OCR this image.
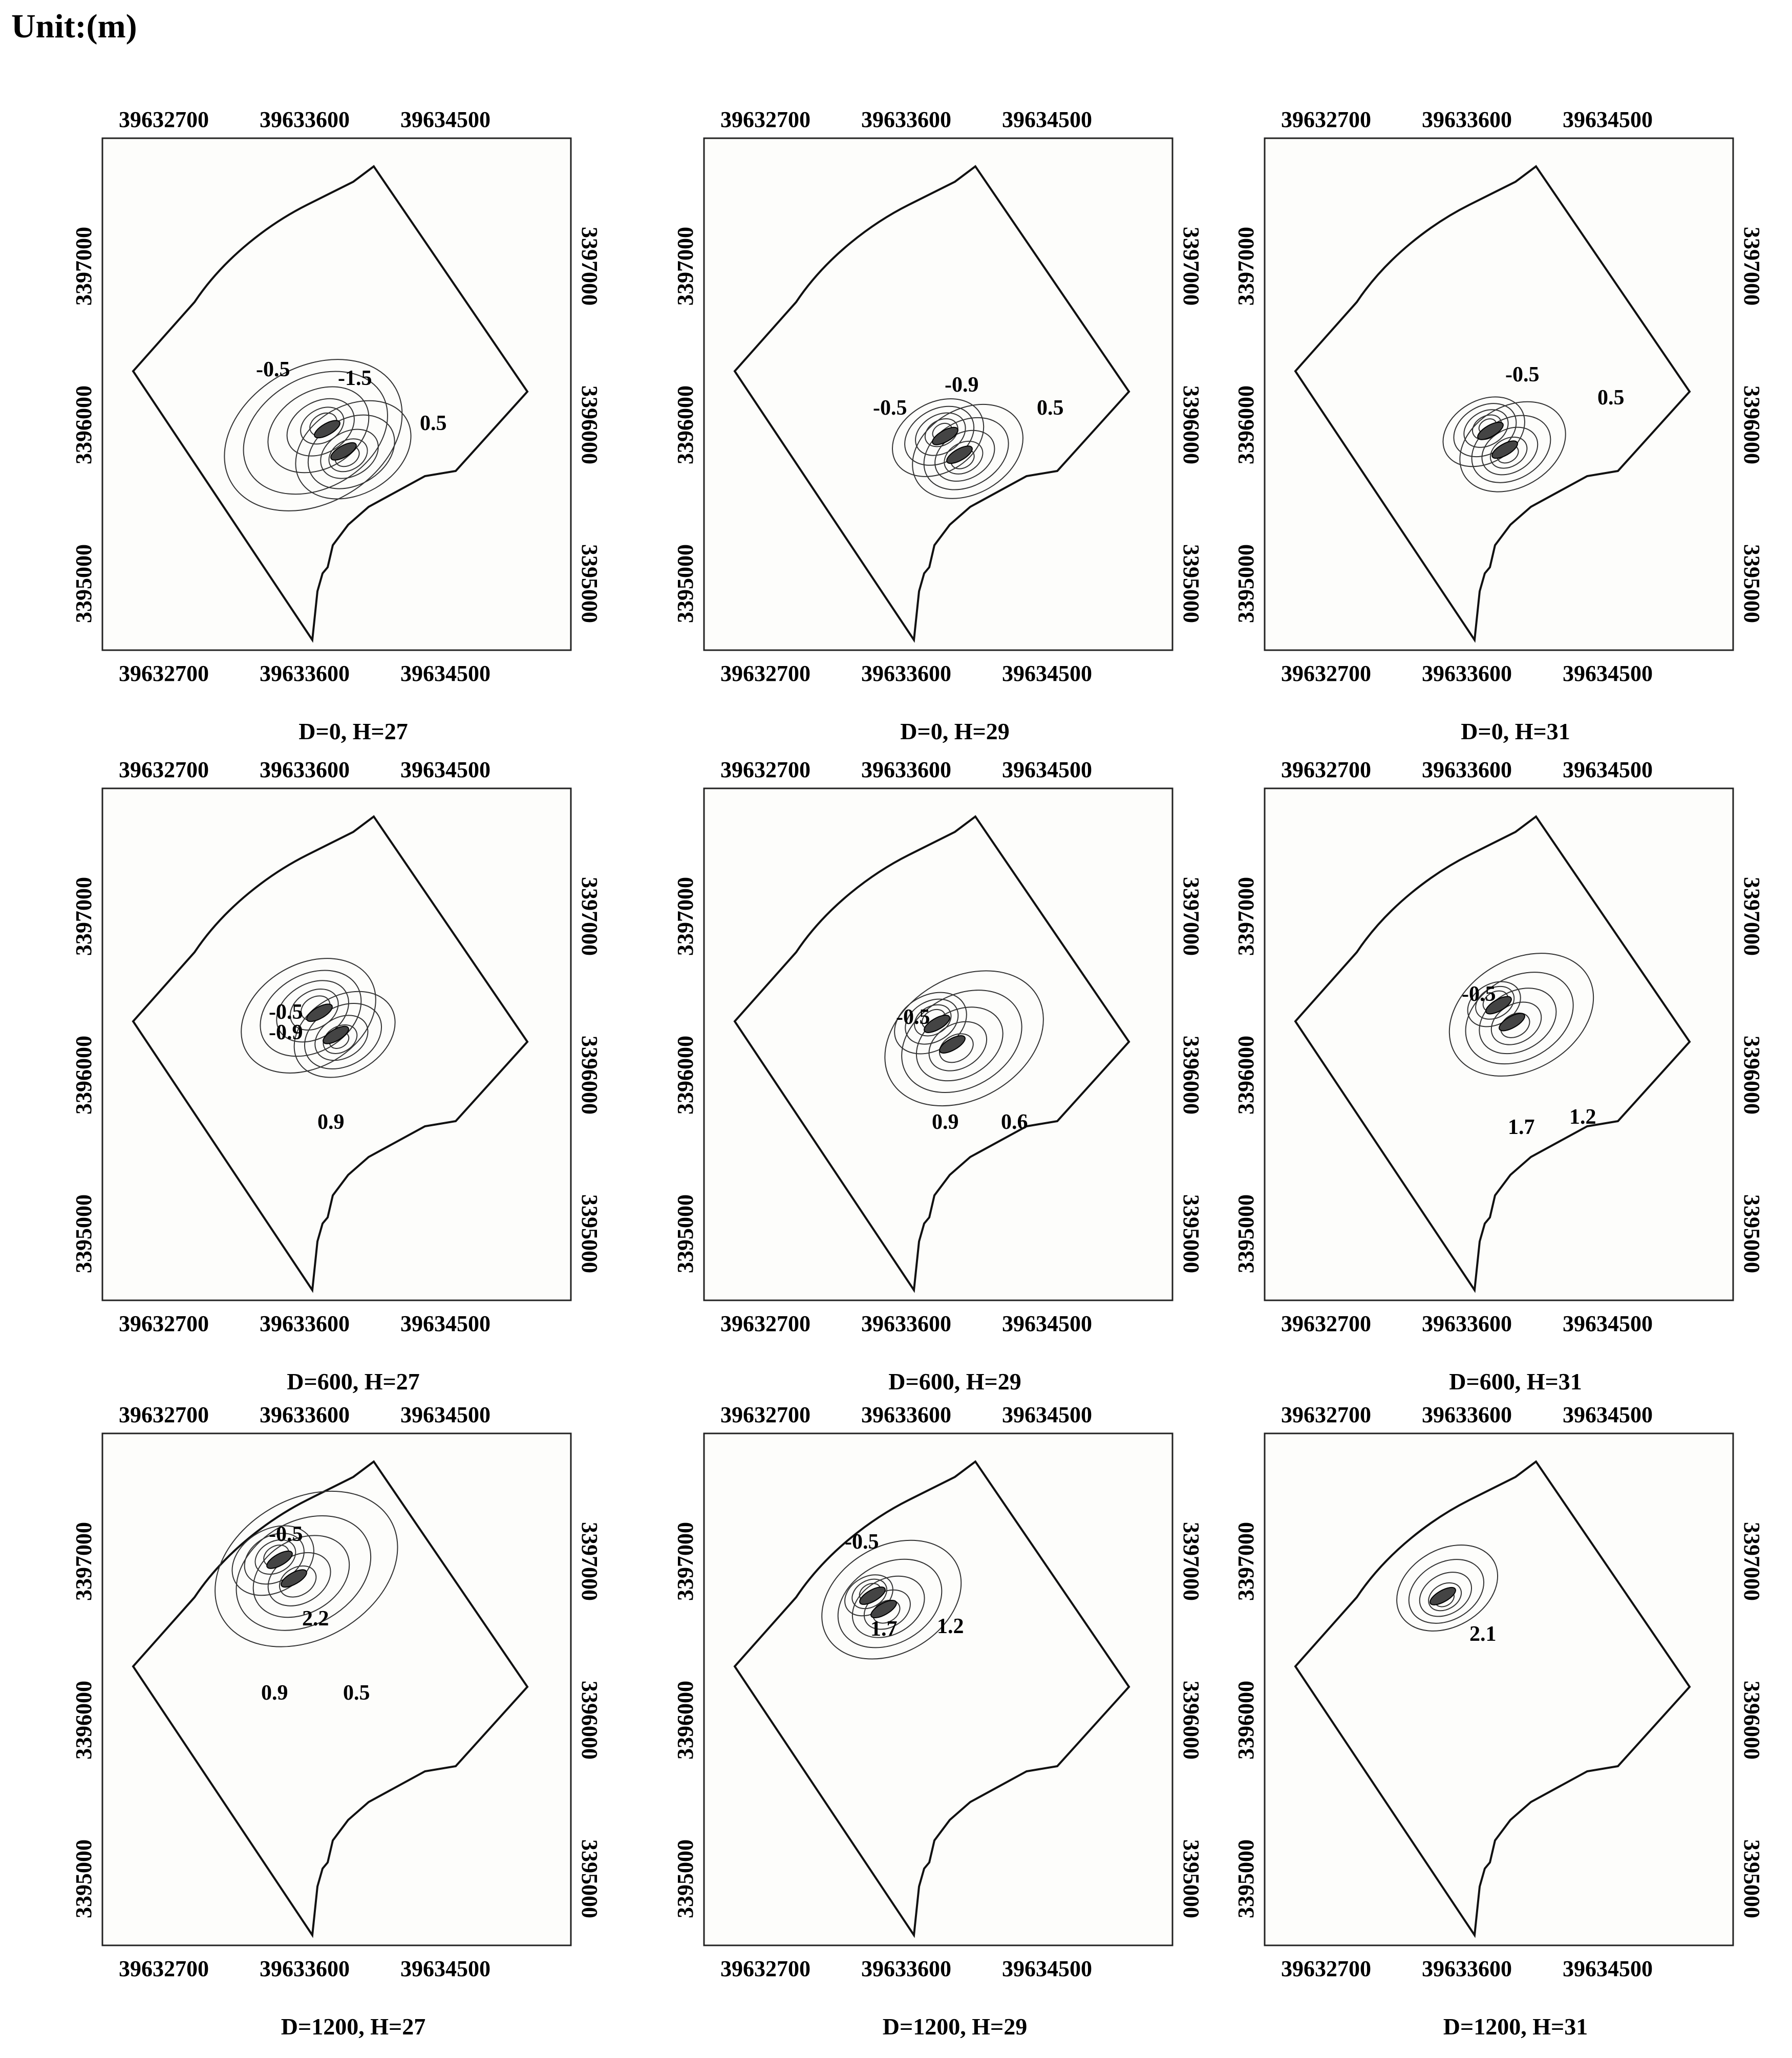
Unit:(m)
-0.5 -1.5
0.5
39632700
39632700
39633600
39633600
39634500
39634500
3397000	3397000
3396000	3396000
3395000	3395000
D=0, H=27
-0.5
-0.9
0.5
39632700
39632700
39633600
39633600
39634500
39634500
3397000	3397000
3396000	3396000
3395000	3395000
D=0, H=29
-0.5
0.5
39632700
39632700
39633600
39633600
39634500
39634500
3397000	3397000
3396000	3396000
3395000	3395000
D=0, H=31
-0.5
-0.9
0.9
39632700
39632700
39633600
39633600
39634500
39634500
3397000	3397000
3396000	3396000
3395000	3395000
D=600, H=27
-0.5
0.9 0.6
39632700
39632700
39633600
39633600
39634500
39634500
3397000	3397000
3396000	3396000
3395000	3395000
D=600, H=29
-0.5
1.7 1.2
39632700
39632700
39633600
39633600
39634500
39634500
3397000	3397000
3396000	3396000
3395000	3395000
D=600, H=31
-0.5
2.2
0.9	0.5
39632700
39632700
39633600
39633600
39634500
39634500
3397000	3397000
3396000	3396000
3395000	3395000
D=1200, H=27
-0.5
1.7 1.2
39632700
39632700
39633600
39633600
39634500
39634500
3397000	3397000
3396000	3396000
3395000	3395000
D=1200, H=29
2.1
39632700
39632700
39633600
39633600
39634500
39634500
3397000	3397000
3396000	3396000
3395000	3395000
D=1200, H=31
